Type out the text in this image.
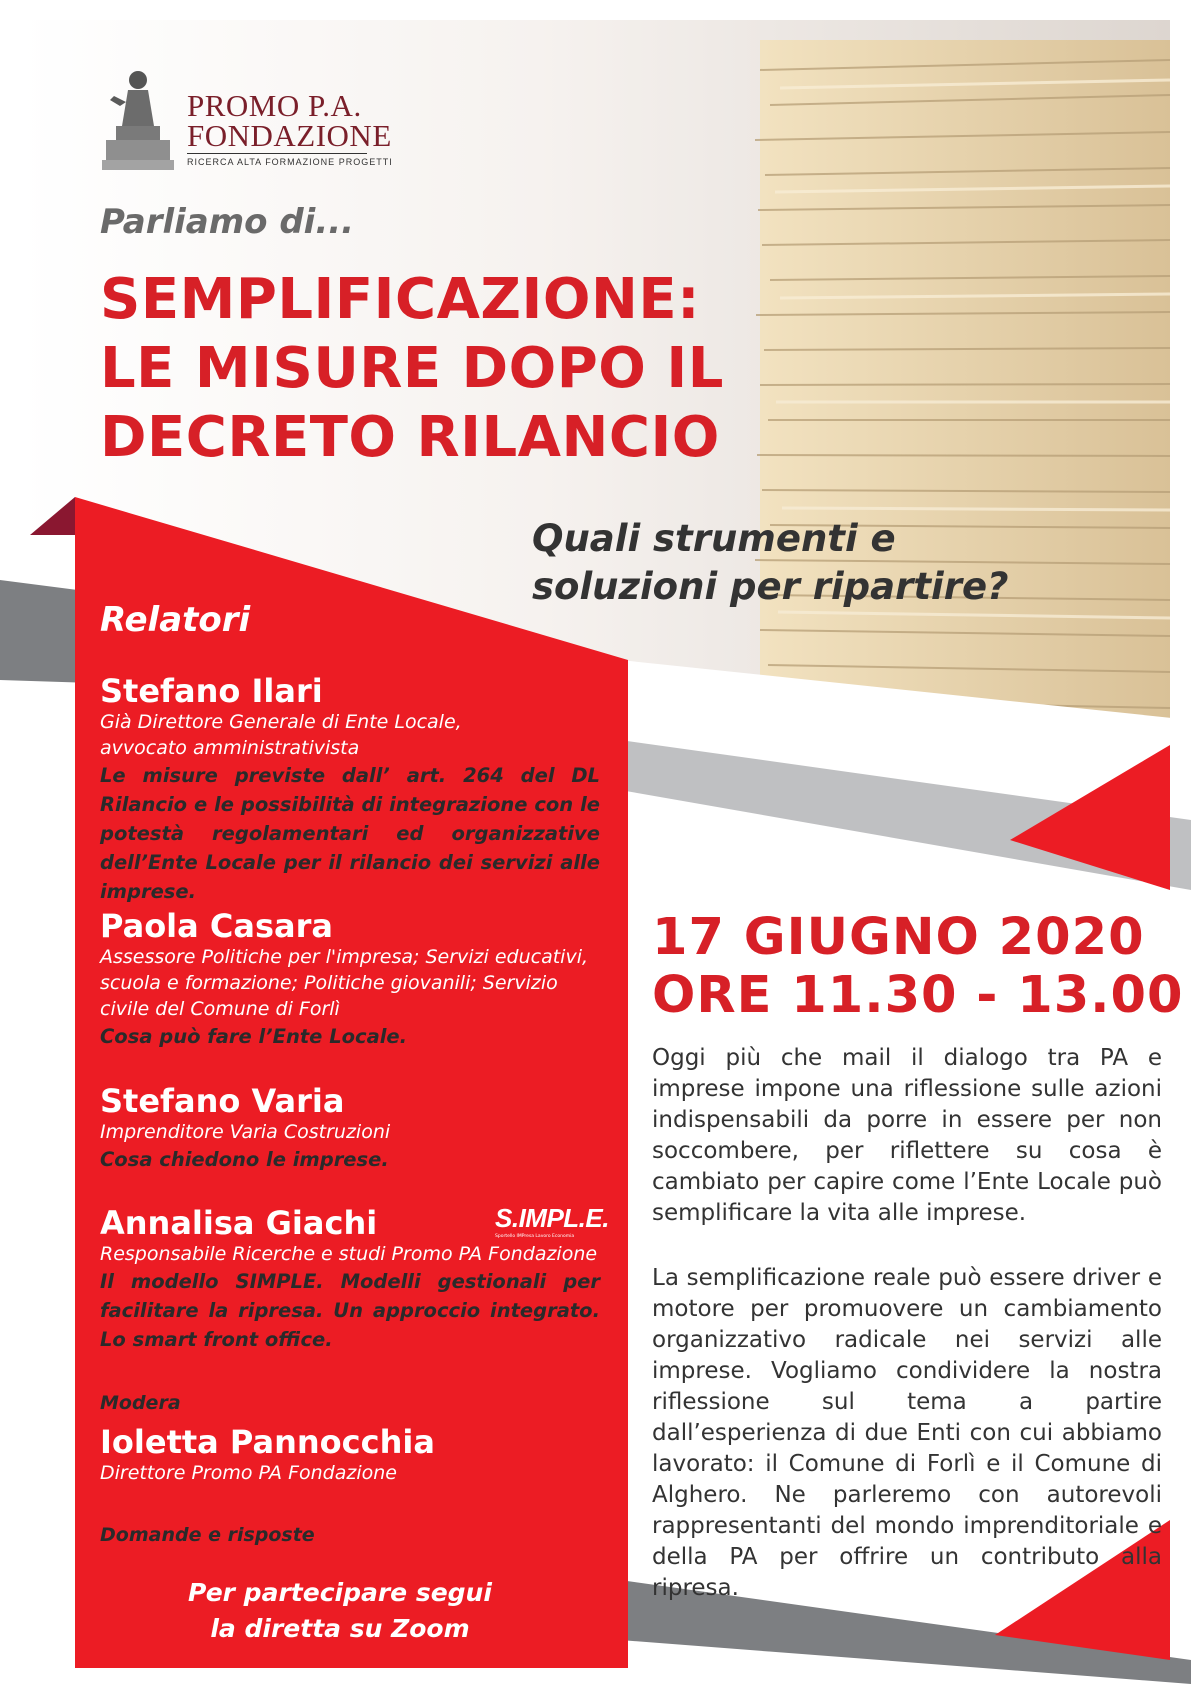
PROMO P.A.
FONDAZIONE
RICERCA ALTA FORMAZIONE PROGETTI
Parliamo di...
SEMPLIFICAZIONE:
LE MISURE DOPO IL
DECRETO RILANCIO
Quali strumenti e
soluzioni per ripartire?
Relatori
Stefano Ilari
Già Direttore Generale di Ente Locale,
avvocato amministrativista
Le misure previste dall’ art. 264 del DL Rilancio e le possibilità di integrazione con le potestà regolamentari ed organizzative dell’Ente Locale per il rilancio dei servizi alle imprese.
Paola Casara
Assessore Politiche per l'impresa; Servizi educativi,
scuola e formazione; Politiche giovanili; Servizio
civile del Comune di Forlì
Cosa può fare l’Ente Locale.
Stefano Varia
Imprenditore Varia Costruzioni
Cosa chiedono le imprese.
Annalisa Giachi
Responsabile Ricerche e studi Promo PA Fondazione
Il modello SIMPLE. Modelli gestionali per facilitare la ripresa. Un approccio integrato. Lo smart front office.
S.IMPL.E.
Sportello IMPresa Lavoro Economia
Modera
Ioletta Pannocchia
Direttore Promo PA Fondazione
Domande e risposte
Per partecipare segui
la diretta su Zoom
17 GIUGNO 2020
ORE 11.30 - 13.00
Oggi più che mail il dialogo tra PA e imprese impone una riflessione sulle azioni indispensabili da porre in essere per non soccombere, per riflettere su cosa è cambiato per capire come l’Ente Locale può semplificare la vita alle imprese.
La semplificazione reale può essere driver e motore per promuovere un cambiamento organizzativo radicale nei servizi alle imprese. Vogliamo condividere la nostra riflessione sul tema a partire dall’esperienza di due Enti con cui abbiamo lavorato: il Comune di Forlì e il Comune di Alghero. Ne parleremo con autorevoli rappresentanti del mondo imprenditoriale e della PA per offrire un contributo alla ripresa.
